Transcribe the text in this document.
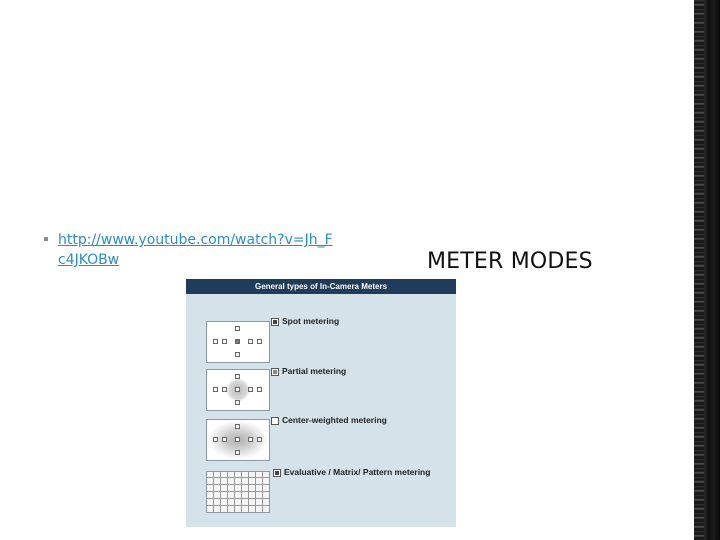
http://www.youtube.com/watch?v=Jh_Fc4JKOBw	METER MODES
General types of In-Camera Meters
Spot metering
Partial metering
Center-weighted metering
Evaluative / Matrix/ Pattern metering
